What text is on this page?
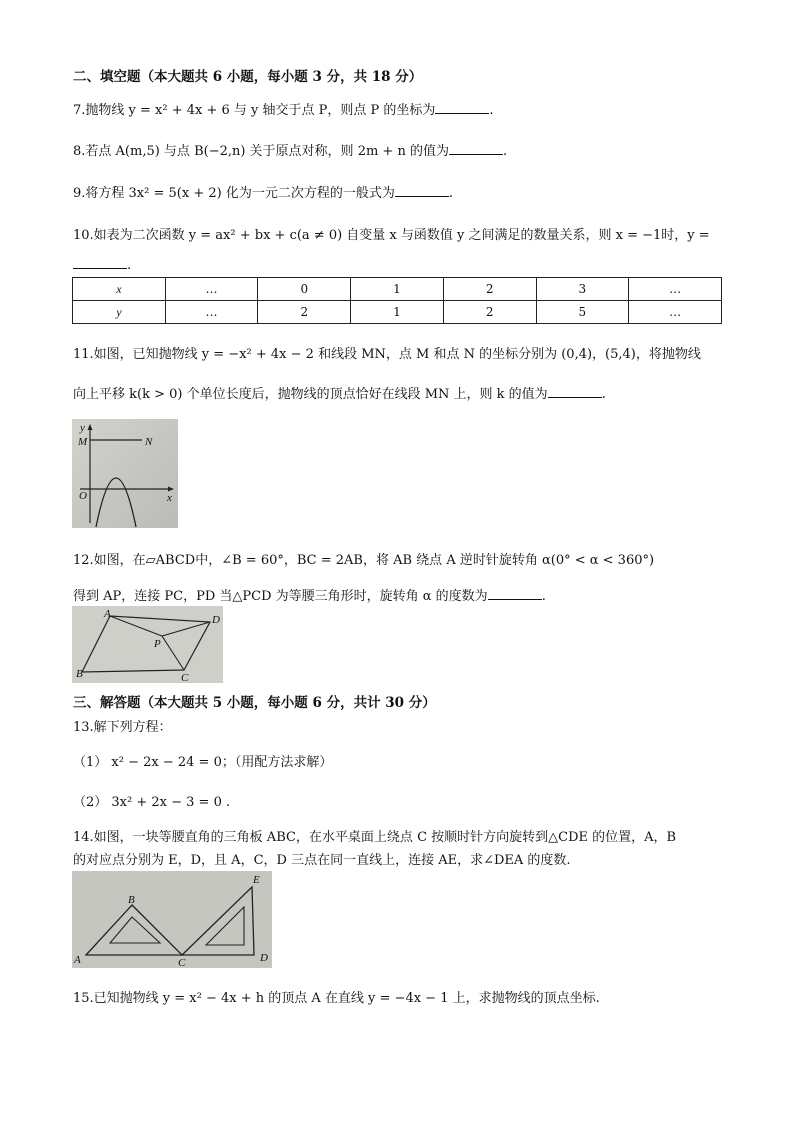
二、填空题（本大题共 6 小题，每小题 3 分，共 18 分）
7.抛物线 y = x² + 4x + 6 与 y 轴交于点 P，则点 P 的坐标为	.
8.若点 A(m,5) 与点 B(−2,n) 关于原点对称，则 2m + n 的值为	.
9.将方程 3x² = 5(x + 2) 化为一元二次方程的一般式为	.
10.如表为二次函数 y = ax² + bx + c(a ≠ 0) 自变量 x 与函数值 y 之间满足的数量关系，则 x = −1时，y =
.
x	…	0	1	2	3	…
y	…	2	1	2	5	…
11.如图，已知抛物线 y = −x² + 4x − 2 和线段 MN，点 M 和点 N 的坐标分别为 (0,4)，(5,4)，将抛物线
向上平移 k(k > 0) 个单位长度后，抛物线的顶点恰好在线段 MN 上，则 k 的值为	.
y
M	N
O	x
12.如图，在▱ABCD中，∠B = 60°，BC = 2AB，将 AB 绕点 A 逆时针旋转角 α(0° < α < 360°)
得到 AP，连接 PC，PD 当△PCD 为等腰三角形时，旋转角 α 的度数为	.
A	D
P
B	C
三、解答题（本大题共 5 小题，每小题 6 分，共计 30 分）
13.解下列方程：
（1） x² − 2x − 24 = 0；（用配方法求解）
（2） 3x² + 2x − 3 = 0 .
14.如图，一块等腰直角的三角板 ABC，在水平桌面上绕点 C 按顺时针方向旋转到△CDE 的位置，A，B
的对应点分别为 E，D，且 A，C，D 三点在同一直线上，连接 AE，求∠DEA 的度数.
B
E
A	C	D
15.已知抛物线 y = x² − 4x + h 的顶点 A 在直线 y = −4x − 1 上，求抛物线的顶点坐标.
